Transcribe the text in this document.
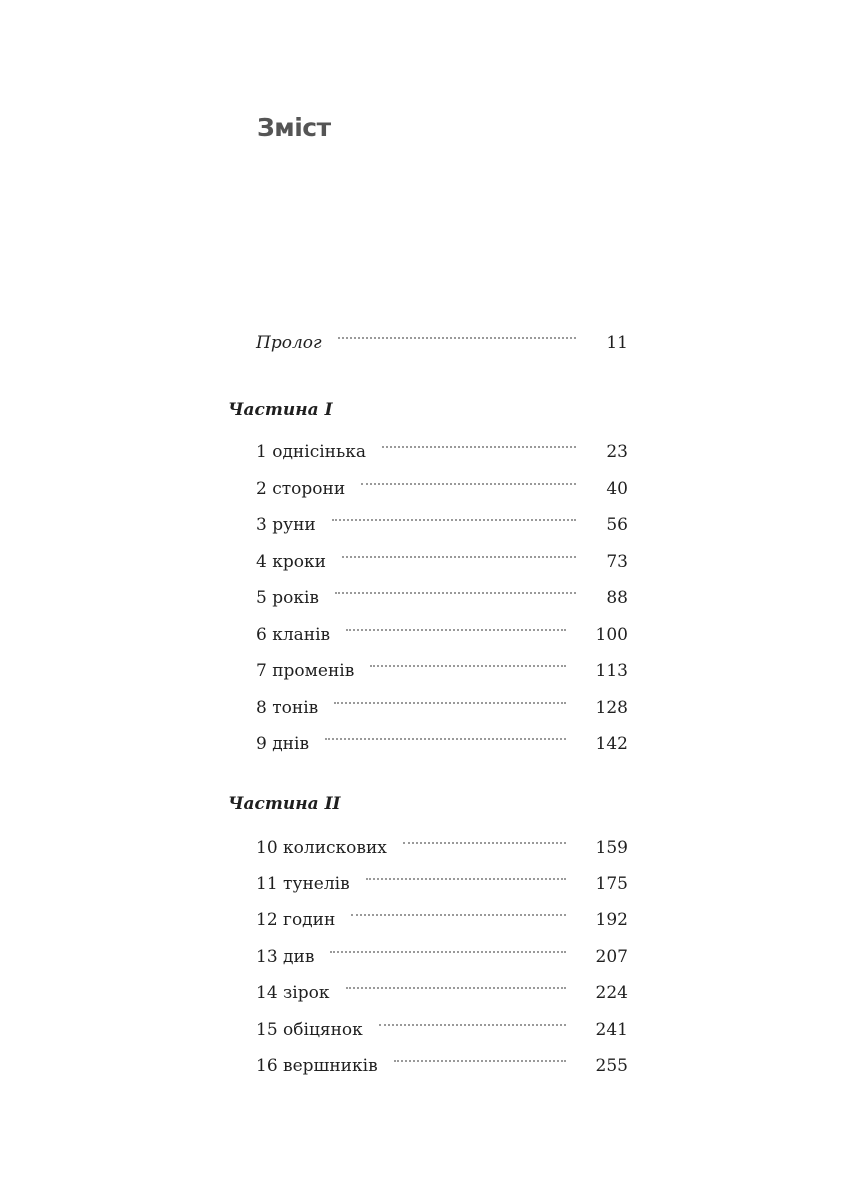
Зміст
Пролог	11
Частина I
1 однісінька	23
2 сторони	40
3 руни	56
4 кроки	73
5 років	88
6 кланів	100
7 променів	113
8 тонів	128
9 днів	142
Частина II
10 колискових	159
11 тунелів	175
12 годин	192
13 див	207
14 зірок	224
15 обіцянок	241
16 вершників	255
